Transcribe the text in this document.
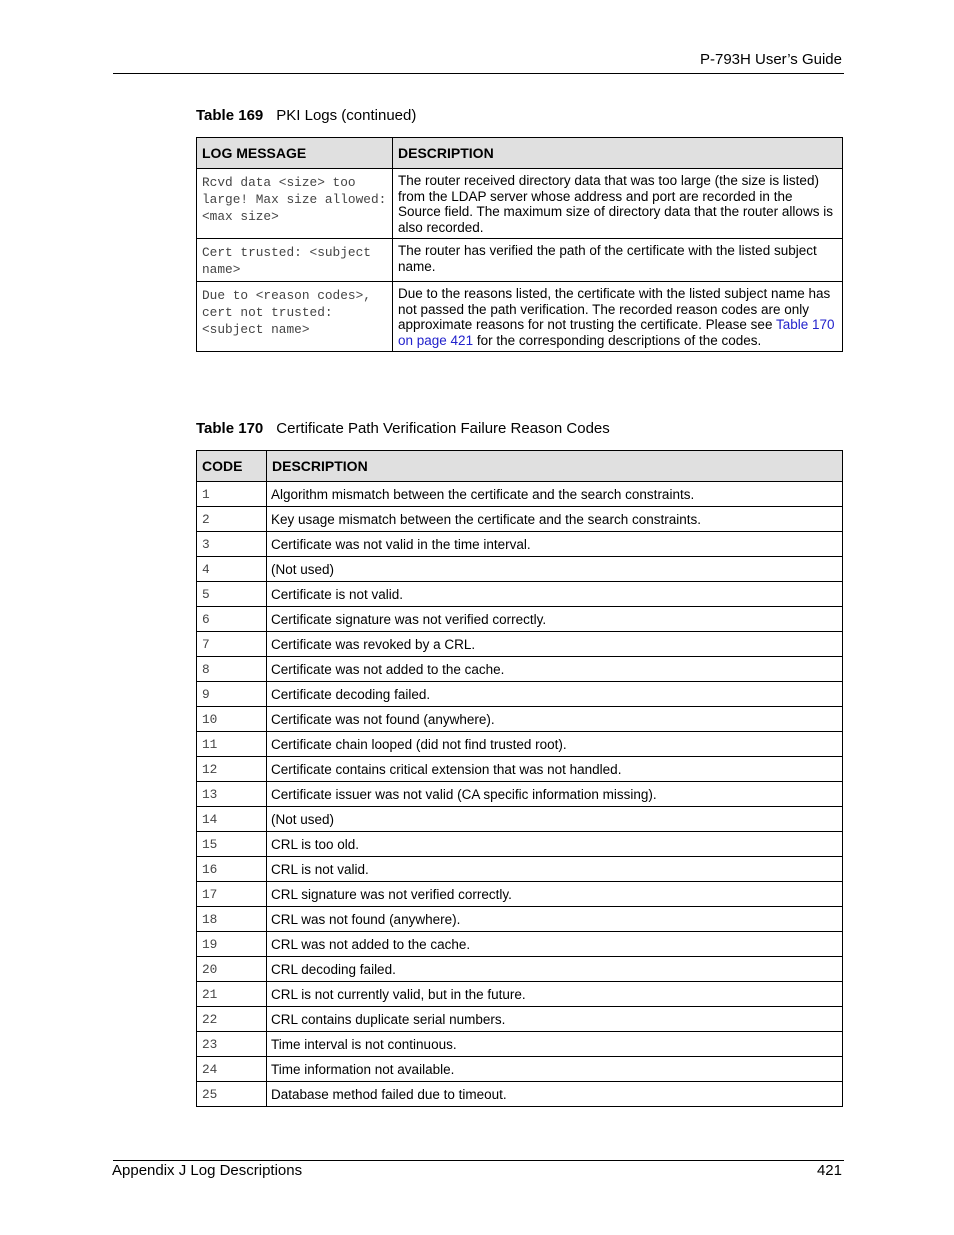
P-793H User’s Guide
Table 169 PKI Logs (continued)
LOG MESSAGE	DESCRIPTION
Rcvd data <size> too large! Max size allowed: <max size>	The router received directory data that was too large (the size is listed) from the LDAP server whose address and port are recorded in the Source field. The maximum size of directory data that the router allows is also recorded.
Cert trusted: <subject name>	The router has verified the path of the certificate with the listed subject name.
Due to <reason codes>, cert not trusted: <subject name>	Due to the reasons listed, the certificate with the listed subject name has not passed the path verification. The recorded reason codes are only approximate reasons for not trusting the certificate. Please see Table 170 on page 421 for the corresponding descriptions of the codes.
Table 170 Certificate Path Verification Failure Reason Codes
CODE	DESCRIPTION
1	Algorithm mismatch between the certificate and the search constraints.
2	Key usage mismatch between the certificate and the search constraints.
3	Certificate was not valid in the time interval.
4	(Not used)
5	Certificate is not valid.
6	Certificate signature was not verified correctly.
7	Certificate was revoked by a CRL.
8	Certificate was not added to the cache.
9	Certificate decoding failed.
10	Certificate was not found (anywhere).
11	Certificate chain looped (did not find trusted root).
12	Certificate contains critical extension that was not handled.
13	Certificate issuer was not valid (CA specific information missing).
14	(Not used)
15	CRL is too old.
16	CRL is not valid.
17	CRL signature was not verified correctly.
18	CRL was not found (anywhere).
19	CRL was not added to the cache.
20	CRL decoding failed.
21	CRL is not currently valid, but in the future.
22	CRL contains duplicate serial numbers.
23	Time interval is not continuous.
24	Time information not available.
25	Database method failed due to timeout.
Appendix J Log Descriptions	421
